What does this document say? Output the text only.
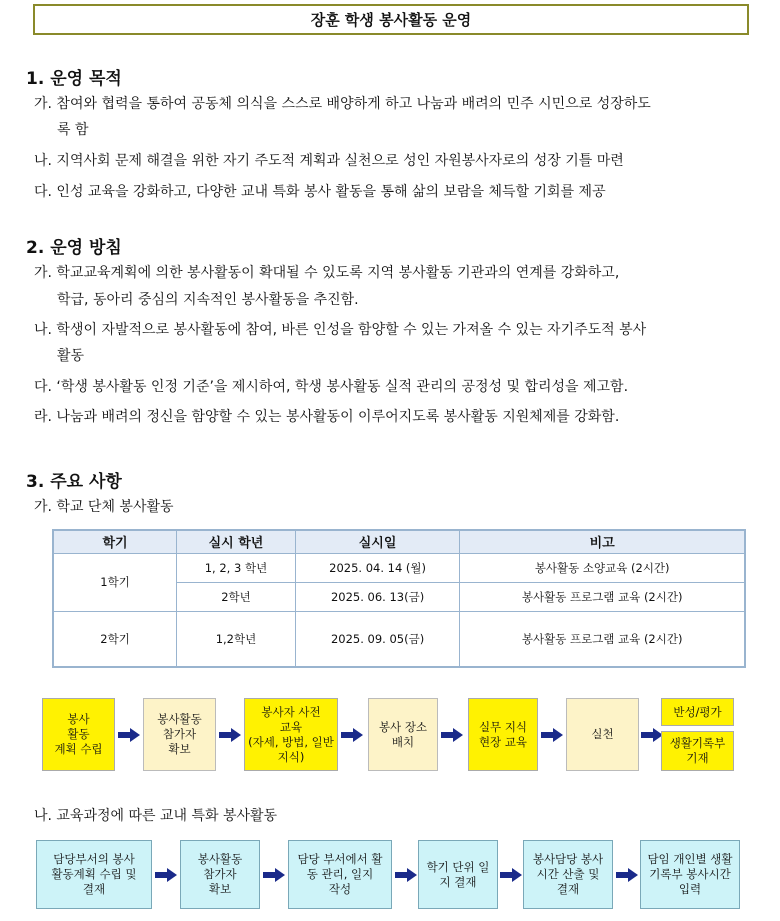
장훈 학생 봉사활동 운영
1. 운영 목적
가. 참여와 협력을 통하여 공동체 의식을 스스로 배양하게 하고 나눔과 배려의 민주 시민으로 성장하도
록 함
나. 지역사회 문제 해결을 위한 자기 주도적 계획과 실천으로 성인 자원봉사자로의 성장 기틀 마련
다. 인성 교육을 강화하고, 다양한 교내 특화 봉사 활동을 통해 삶의 보람을 체득할 기회를 제공
2. 운영 방침
가. 학교교육계획에 의한 봉사활동이 확대될 수 있도록 지역 봉사활동 기관과의 연계를 강화하고,
학급, 동아리 중심의 지속적인 봉사활동을 추진함.
나. 학생이 자발적으로 봉사활동에 참여, 바른 인성을 함양할 수 있는 가져올 수 있는 자기주도적 봉사
활동
다. ‘학생 봉사활동 인정 기준’을 제시하여, 학생 봉사활동 실적 관리의 공정성 및 합리성을 제고함.
라. 나눔과 배려의 정신을 함양할 수 있는 봉사활동이 이루어지도록 봉사활동 지원체제를 강화함.
3. 주요 사항
가. 학교 단체 봉사활동
학기	실시 학년	실시일	비고
1학기	1, 2, 3 학년	2025. 04. 14 (월)	봉사활동 소양교육 (2시간)
	2학년	2025. 06. 13(금)	봉사활동 프로그램 교육 (2시간)
2학기	1,2학년	2025. 09. 05(금)	봉사활동 프로그램 교육 (2시간)
봉사
활동
계획 수립
봉사활동
참가자
확보
봉사자 사전
교육
(자세, 방법, 일반
지식)
봉사 장소
배치
실무 지식
현장 교육
실천
반성/평가
생활기록부
기재
나. 교육과정에 따른 교내 특화 봉사활동
담당부서의 봉사
활동계획 수립 및
결재
봉사활동
참가자
확보
담당 부서에서 활
동 관리, 일지
작성
학기 단위 일
지 결재
봉사담당 봉사
시간 산출 및
결재
담임 개인별 생활
기록부 봉사시간
입력
